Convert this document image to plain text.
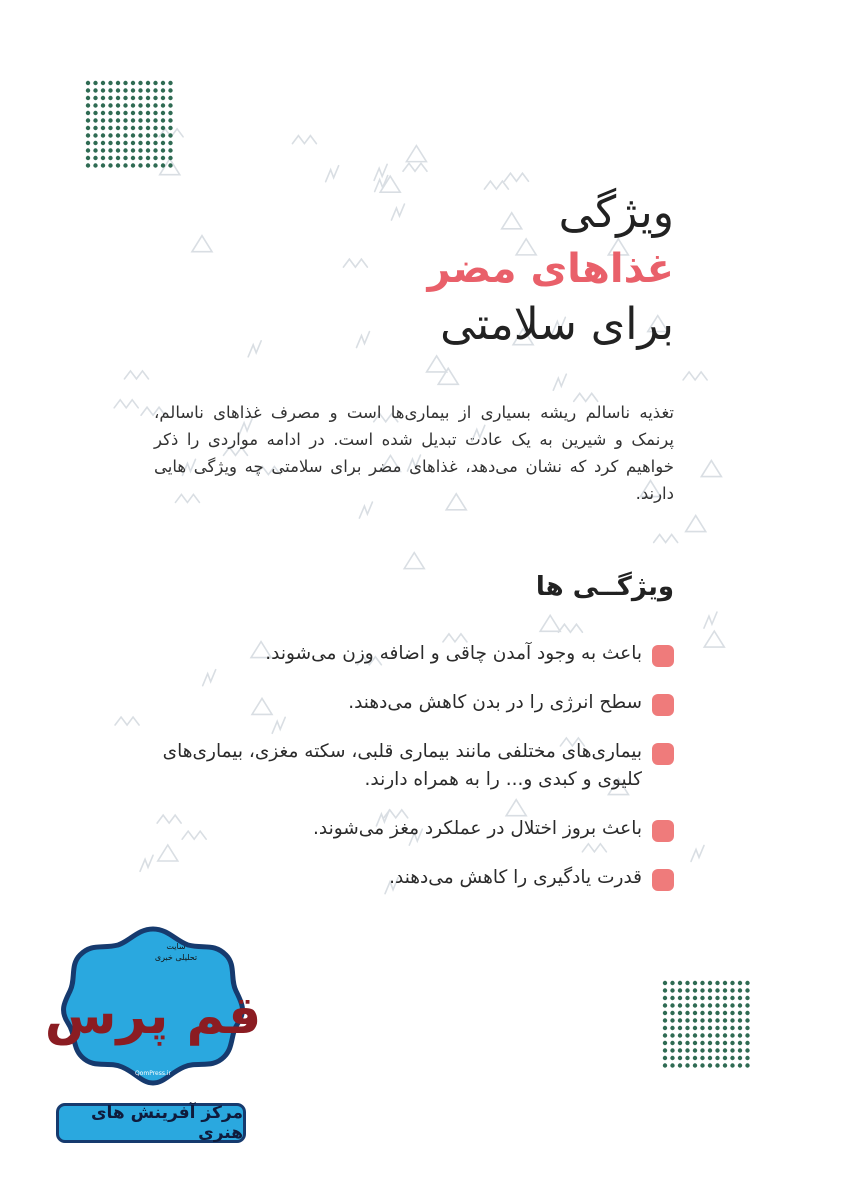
ویژگی
غذاهای مضر
برای سلامتی

تغذیه ناسالم ریشه بسیاری از بیماری‌ها است و مصرف غذاهای ناسالم، پرنمک و شیرین به یک عادت تبدیل شده است. در ادامه مواردی را ذکر خواهیم کرد که نشان می‌دهد، غذاهای مضر برای سلامتی چه ویژگی هایی دارند.

ویژگــی ها
باعث به وجود آمدن چاقی و اضافه وزن می‌شوند.
سطح انرژی را در بدن کاهش می‌دهند.
بیماری‌های مختلفی مانند بیماری قلبی، سکته مغزی، بیماری‌های کلیوی و کبدی و... را به همراه دارند.
باعث بروز اختلال در عملکرد مغز می‌شوند.
قدرت یادگیری را کاهش می‌دهند.
سایت
تحلیلی خبری
قم پرس
QomPress.ir
مرکز آفرینش های هنری
